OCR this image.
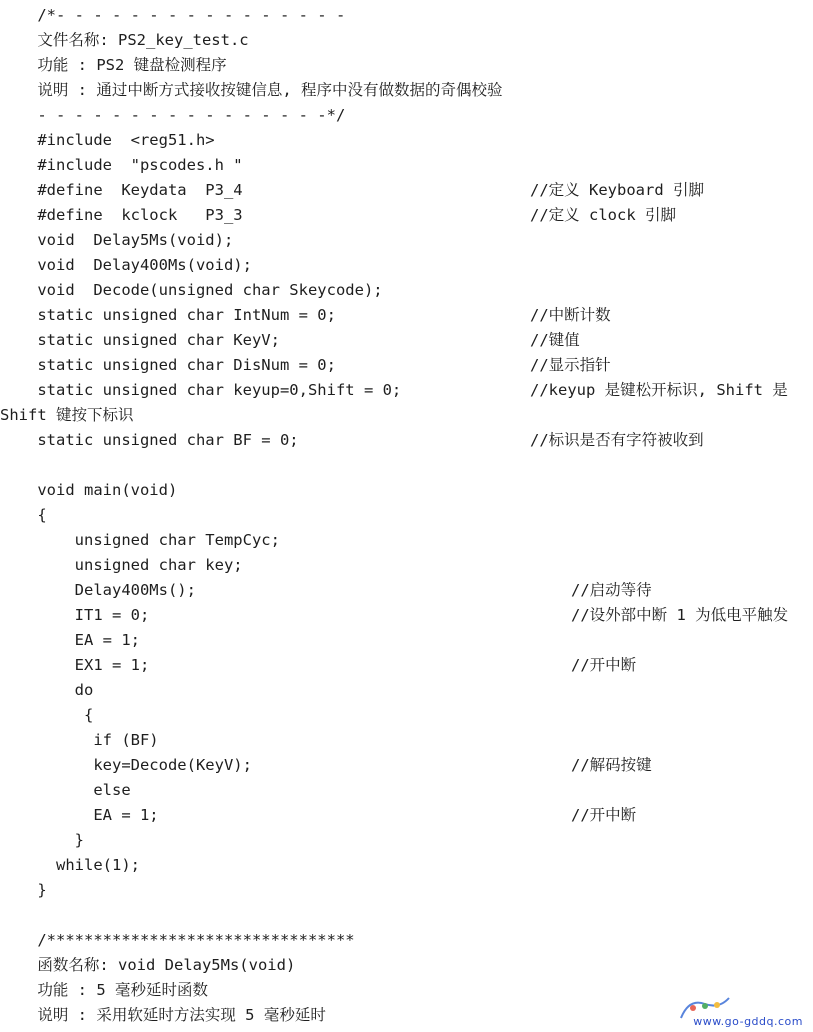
/*- - - - - - - - - - - - - - - -
文件名称: PS2_key_test.c
功能 : PS2 键盘检测程序
说明 : 通过中断方式接收按键信息, 程序中没有做数据的奇偶校验
- - - - - - - - - - - - - - - -*/
#include  <reg51.h>
#include  "pscodes.h "
#define  Keydata  P3_4	//定义 Keyboard 引脚
#define  kclock   P3_3	//定义 clock 引脚
void  Delay5Ms(void);
void  Delay400Ms(void);
void  Decode(unsigned char Skeycode);
static unsigned char IntNum = 0;	//中断计数
static unsigned char KeyV;	//键值
static unsigned char DisNum = 0;	//显示指针
static unsigned char keyup=0,Shift = 0;	//keyup 是键松开标识, Shift 是
Shift 键按下标识
static unsigned char BF = 0;	//标识是否有字符被收到
void main(void)
{
unsigned char TempCyc;
unsigned char key;
Delay400Ms();	//启动等待
IT1 = 0;	//设外部中断 1 为低电平触发
EA = 1;
EX1 = 1;	//开中断
do
{
if (BF)
key=Decode(KeyV);	//解码按键
else
EA = 1;	//开中断
}
while(1);
}
/*********************************
函数名称: void Delay5Ms(void)
功能 : 5 毫秒延时函数
说明 : 采用软延时方法实现 5 毫秒延时	www.go-gddq.com
